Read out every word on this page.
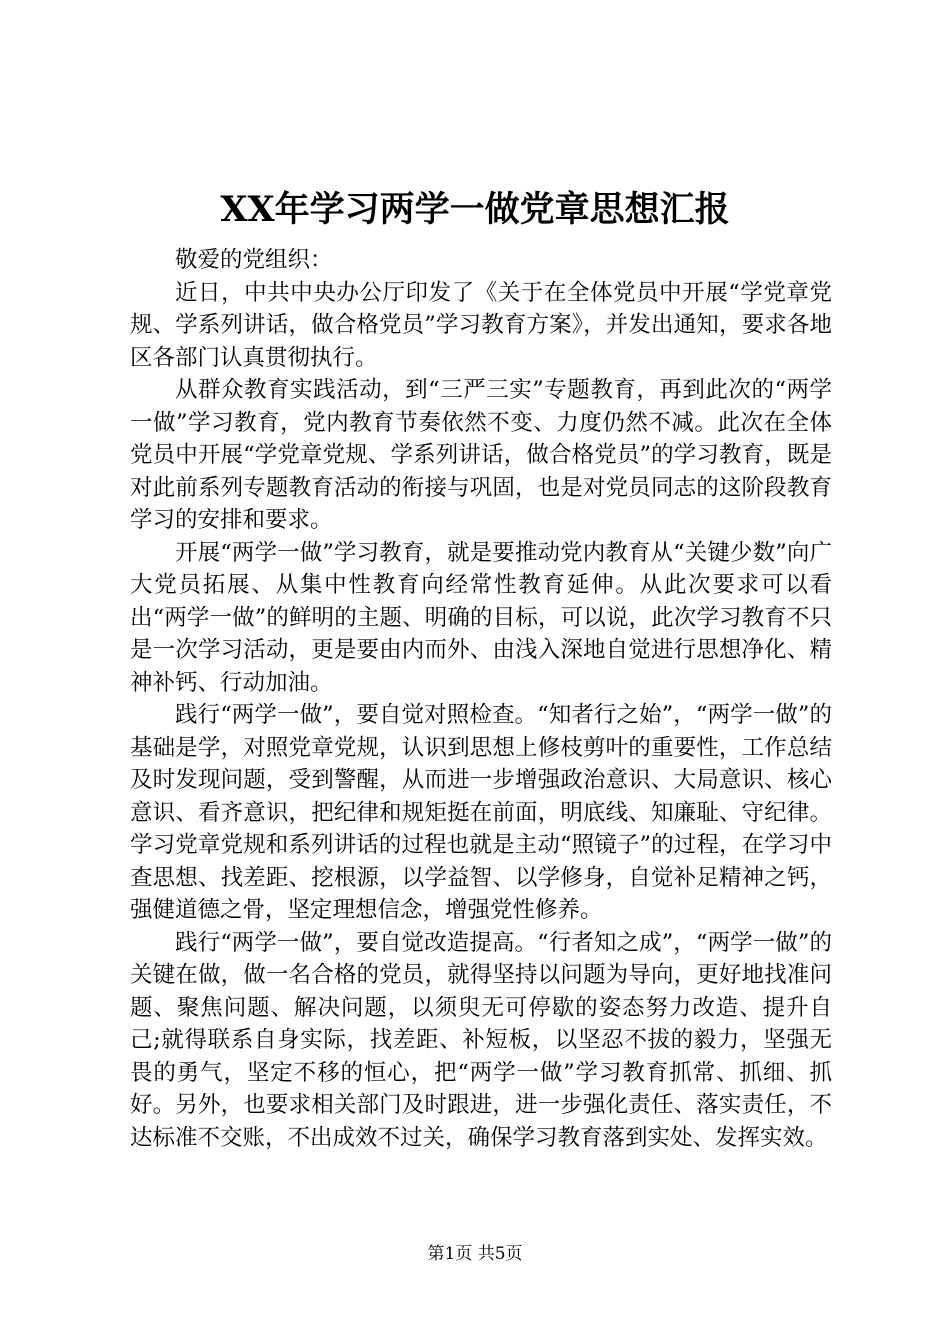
XX年学习两学一做党章思想汇报

敬爱的党组织：

近日，中共中央办公厅印发了《关于在全体党员中开展“学党章党规、学系列讲话，做合格党员”学习教育方案》，并发出通知，要求各地区各部门认真贯彻执行。

从群众教育实践活动，到“三严三实”专题教育，再到此次的“两学一做”学习教育，党内教育节奏依然不变、力度仍然不减。此次在全体党员中开展“学党章党规、学系列讲话，做合格党员”的学习教育，既是对此前系列专题教育活动的衔接与巩固，也是对党员同志的这阶段教育学习的安排和要求。

开展“两学一做”学习教育，就是要推动党内教育从“关键少数”向广大党员拓展、从集中性教育向经常性教育延伸。从此次要求可以看出“两学一做”的鲜明的主题、明确的目标，可以说，此次学习教育不只是一次学习活动，更是要由内而外、由浅入深地自觉进行思想净化、精神补钙、行动加油。

践行“两学一做”，要自觉对照检查。“知者行之始”，“两学一做”的基础是学，对照党章党规，认识到思想上修枝剪叶的重要性，工作总结及时发现问题，受到警醒，从而进一步增强政治意识、大局意识、核心意识、看齐意识，把纪律和规矩挺在前面，明底线、知廉耻、守纪律。学习党章党规和系列讲话的过程也就是主动“照镜子”的过程，在学习中查思想、找差距、挖根源，以学益智、以学修身，自觉补足精神之钙，强健道德之骨，坚定理想信念，增强党性修养。

践行“两学一做”，要自觉改造提高。“行者知之成”，“两学一做”的关键在做，做一名合格的党员，就得坚持以问题为导向，更好地找准问题、聚焦问题、解决问题，以须臾无可停歇的姿态努力改造、提升自己;就得联系自身实际，找差距、补短板，以坚忍不拔的毅力，坚强无畏的勇气，坚定不移的恒心，把“两学一做”学习教育抓常、抓细、抓好。另外，也要求相关部门及时跟进，进一步强化责任、落实责任，不达标准不交账，不出成效不过关，确保学习教育落到实处、发挥实效。

第1页 共5页
